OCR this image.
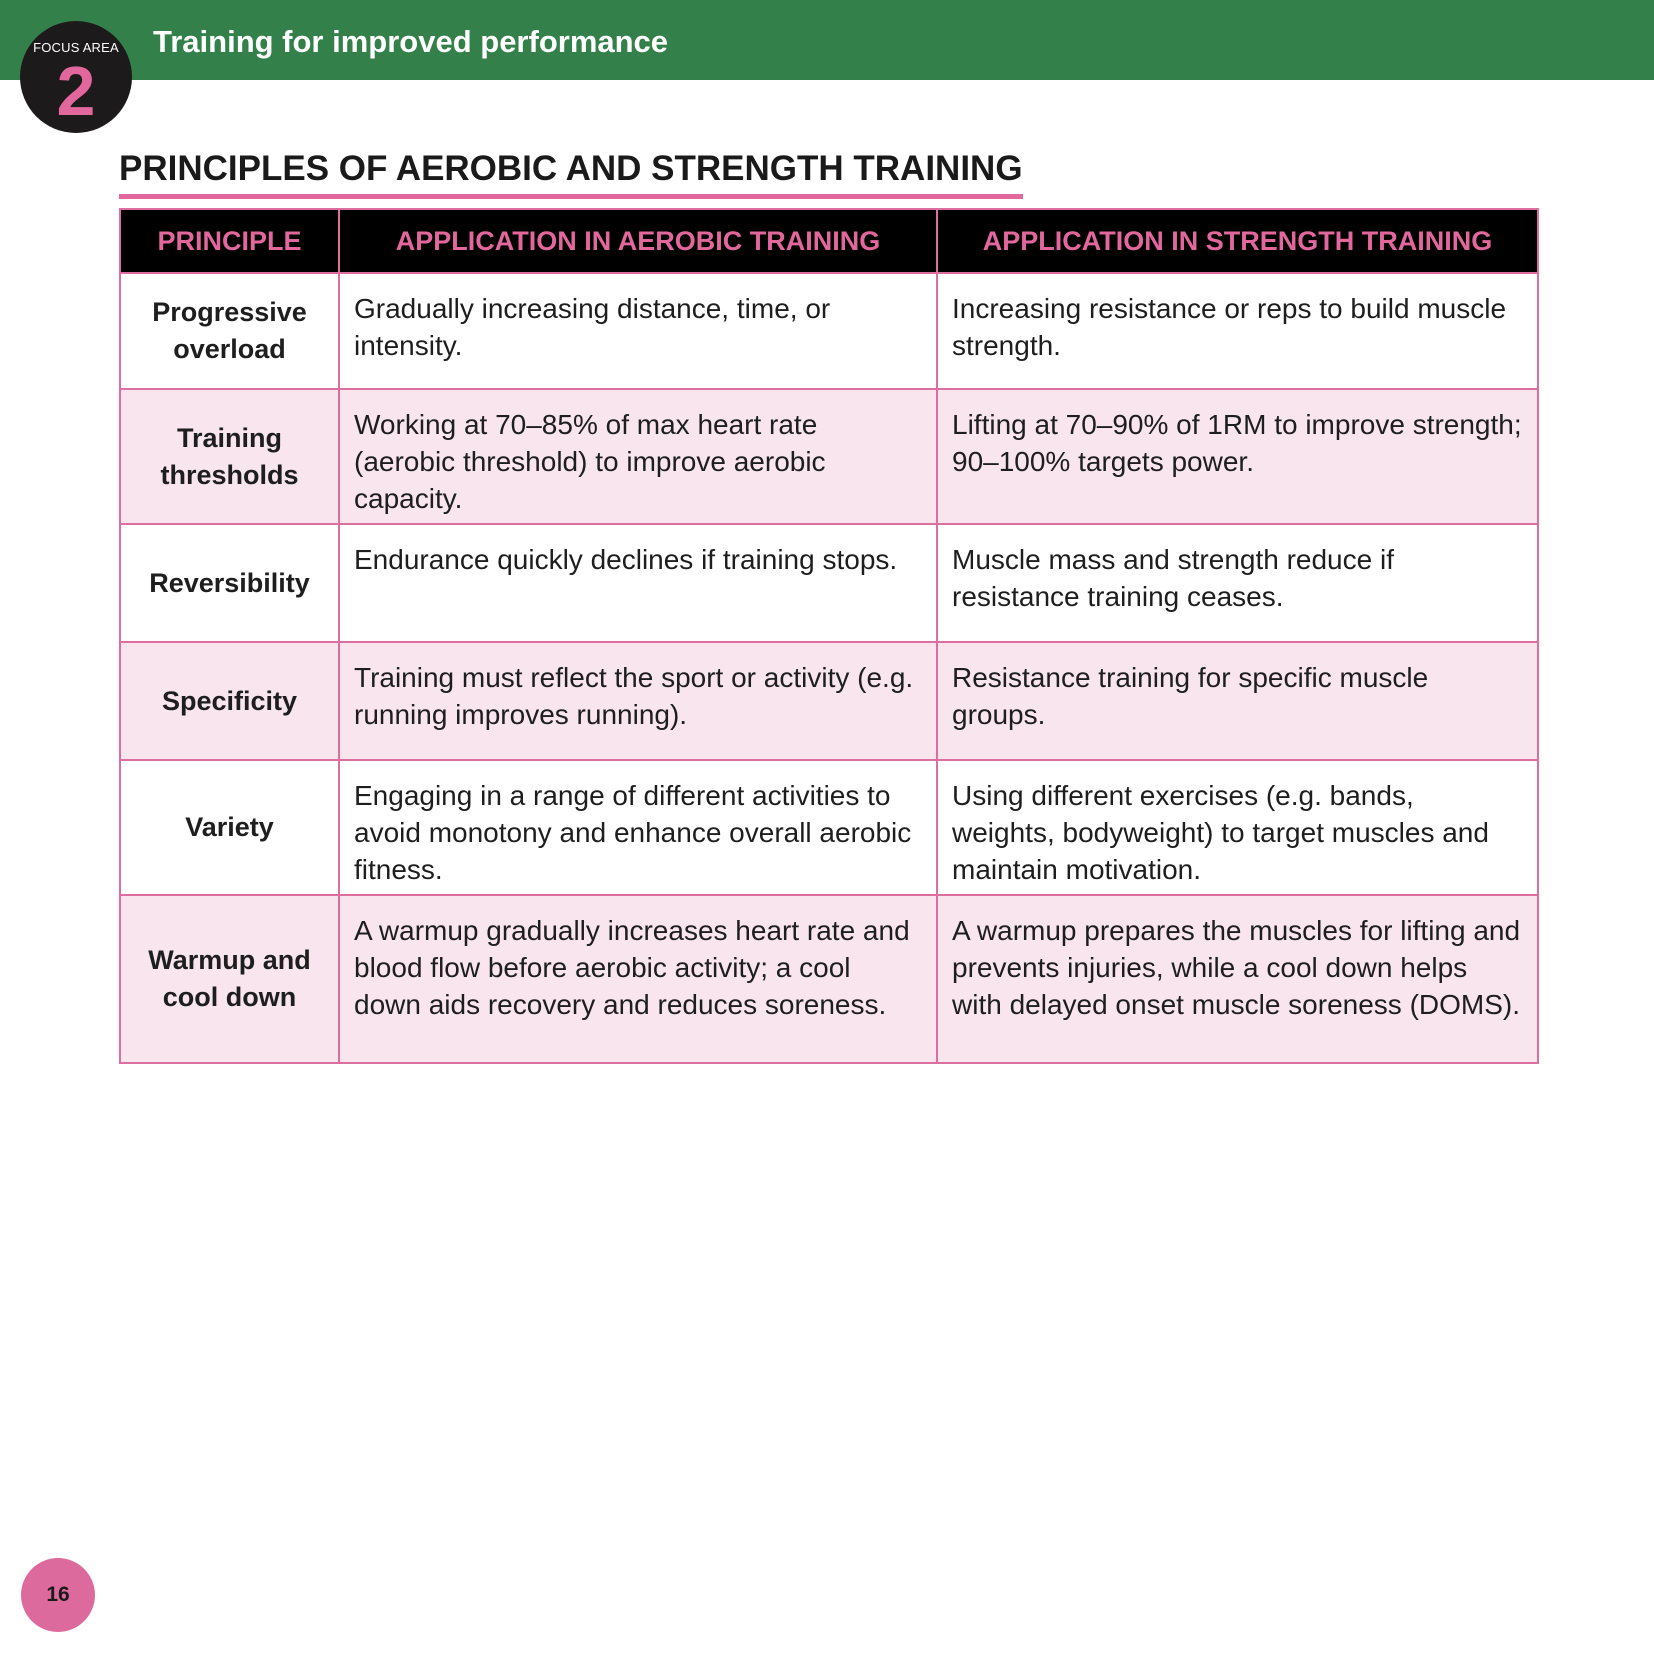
Training for improved performance
FOCUS AREA
2
PRINCIPLES OF AEROBIC AND STRENGTH TRAINING
PRINCIPLE	APPLICATION IN AEROBIC TRAINING	APPLICATION IN STRENGTH TRAINING
Progressive overload	Gradually increasing distance, time, or intensity.	Increasing resistance or reps to build muscle strength.
Training thresholds	Working at 70–85% of max heart rate (aerobic threshold) to improve aerobic capacity.	Lifting at 70–90% of 1RM to improve strength; 90–100% targets power.
Reversibility	Endurance quickly declines if training stops.	Muscle mass and strength reduce if resistance training ceases.
Specificity	Training must reflect the sport or activity (e.g. running improves running).	Resistance training for specific muscle groups.
Variety	Engaging in a range of different activities to avoid monotony and enhance overall aerobic fitness.	Using different exercises (e.g. bands, weights, bodyweight) to target muscles and maintain motivation.
Warmup and cool down	A warmup gradually increases heart rate and blood flow before aerobic activity; a cool down aids recovery and reduces soreness.	A warmup prepares the muscles for lifting and prevents injuries, while a cool down helps with delayed onset muscle soreness (DOMS).
16
